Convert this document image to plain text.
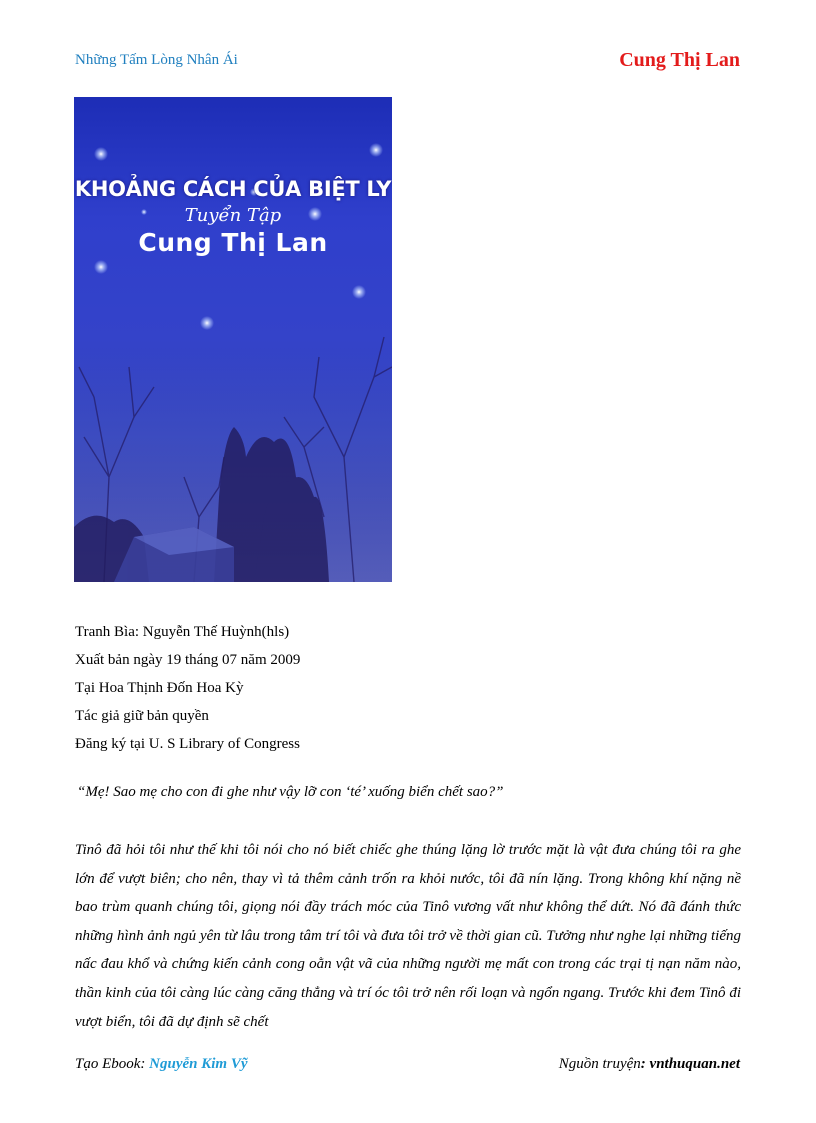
Những Tấm Lòng Nhân Ái	Cung Thị Lan
KHOẢNG CÁCH CỦA BIỆT LY
Tuyển Tập
Cung Thị Lan
Tranh Bìa: Nguyễn Thế Huỳnh(hls)
Xuất bản ngày 19 tháng 07 năm 2009
Tại Hoa Thịnh Đốn Hoa Kỳ
Tác giả giữ bản quyền
Đăng ký tại U. S Library of Congress
“Mẹ! Sao mẹ cho con đi ghe như vậy lỡ con ‘té’ xuống biển chết sao?”
Tinô đã hỏi tôi như thế khi tôi nói cho nó biết chiếc ghe thúng lặng lờ trước mặt là vật đưa chúng tôi ra ghe lớn để vượt biên; cho nên, thay vì tả thêm cảnh trốn ra khỏi nước, tôi đã nín lặng. Trong không khí nặng nề bao trùm quanh chúng tôi, giọng nói đầy trách móc của Tinô vương vất như không thể dứt. Nó đã đánh thức những hình ảnh ngủ yên từ lâu trong tâm trí tôi và đưa tôi trở về thời gian cũ. Tưởng như nghe lại những tiếng nấc đau khổ và chứng kiến cảnh cong oằn vật vã của những người mẹ mất con trong các trại tị nạn năm nào, thần kinh của tôi càng lúc càng căng thẳng và trí óc tôi trở nên rối loạn và ngổn ngang. Trước khi đem Tinô đi vượt biển, tôi đã dự định sẽ chết
Tạo Ebook: Nguyễn Kim Vỹ	Nguồn truyện: vnthuquan.net
